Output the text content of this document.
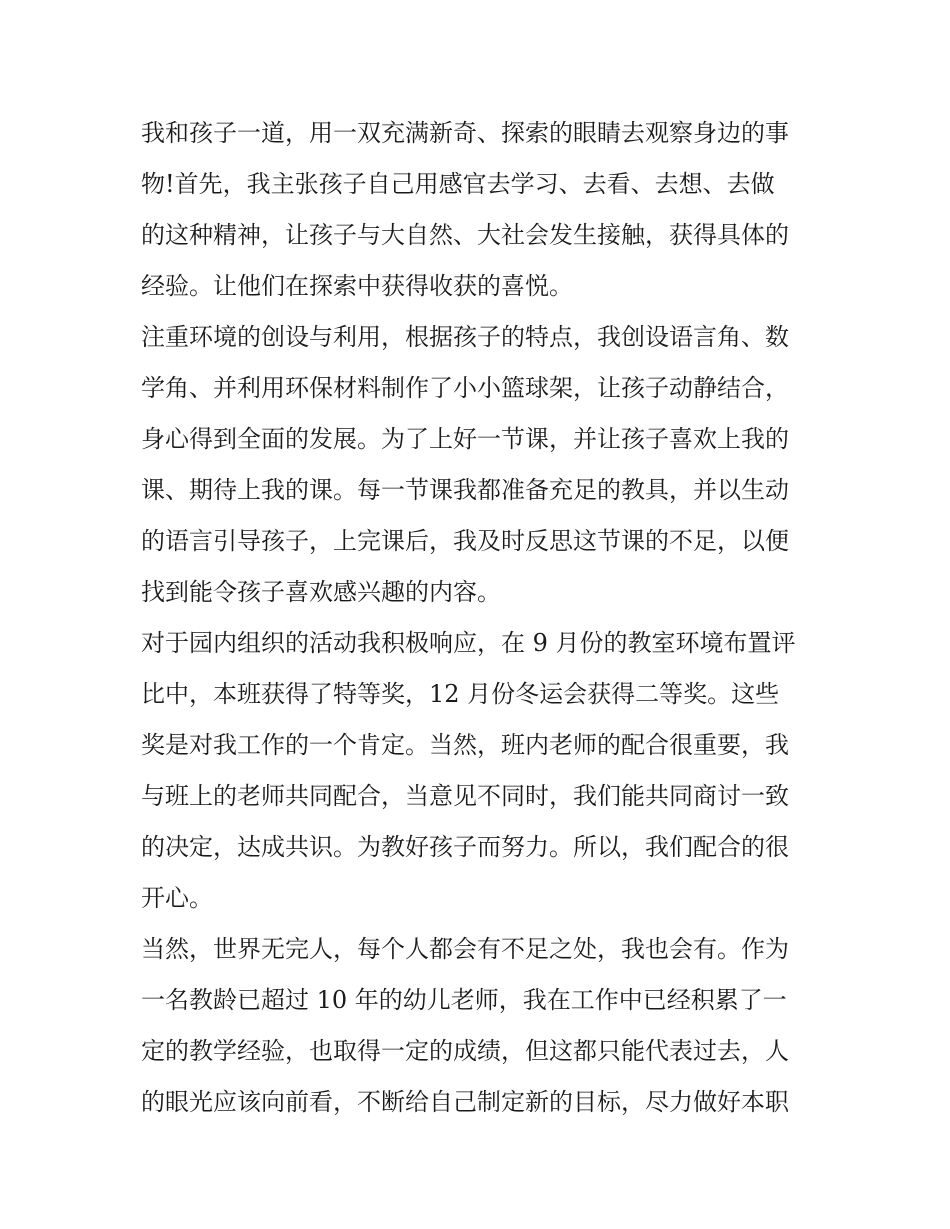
我和孩子一道，用一双充满新奇、探索的眼睛去观察身边的事
物!首先，我主张孩子自己用感官去学习、去看、去想、去做
的这种精神，让孩子与大自然、大社会发生接触，获得具体的
经验。让他们在探索中获得收获的喜悦。
注重环境的创设与利用，根据孩子的特点，我创设语言角、数
学角、并利用环保材料制作了小小篮球架，让孩子动静结合，
身心得到全面的发展。为了上好一节课，并让孩子喜欢上我的
课、期待上我的课。每一节课我都准备充足的教具，并以生动
的语言引导孩子，上完课后，我及时反思这节课的不足，以便
找到能令孩子喜欢感兴趣的内容。
对于园内组织的活动我积极响应，在 9 月份的教室环境布置评
比中，本班获得了特等奖，12 月份冬运会获得二等奖。这些
奖是对我工作的一个肯定。当然，班内老师的配合很重要，我
与班上的老师共同配合，当意见不同时，我们能共同商讨一致
的决定，达成共识。为教好孩子而努力。所以，我们配合的很
开心。
当然，世界无完人，每个人都会有不足之处，我也会有。作为
一名教龄已超过 10 年的幼儿老师，我在工作中已经积累了一
定的教学经验，也取得一定的成绩，但这都只能代表过去，人
的眼光应该向前看，不断给自己制定新的目标，尽力做好本职
